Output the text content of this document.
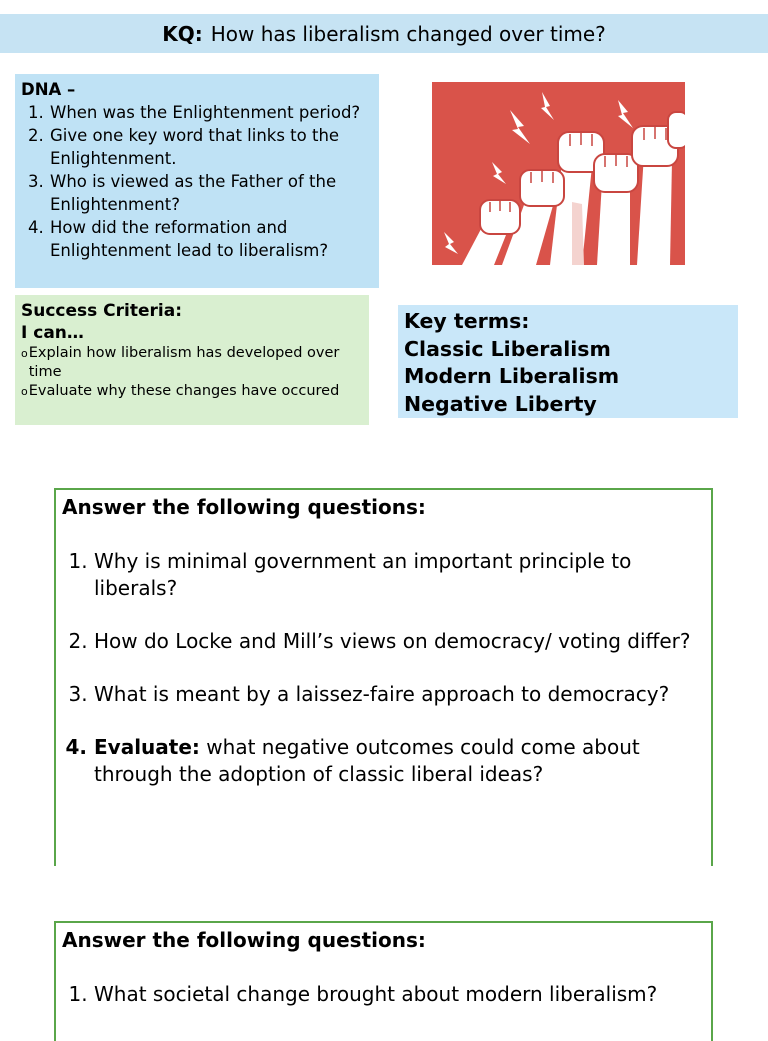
KQ: How has liberalism changed over time?
DNA –
1. When was the Enlightenment period?
2. Give one key word that links to the Enlightenment.
3. Who is viewed as the Father of the Enlightenment?
4. How did the reformation and Enlightenment lead to liberalism?
Success Criteria:
I can…
o Explain how liberalism has developed over time
o Evaluate why these changes have occured
Key terms:
Classic Liberalism
Modern Liberalism
Negative Liberty
Answer the following questions:
1. Why is minimal government an important principle to liberals?
2. How do Locke and Mill’s views on democracy/ voting differ?
3. What is meant by a laissez-faire approach to democracy?
4. Evaluate: what negative outcomes could come about through the adoption of classic liberal ideas?
Answer the following questions:
1. What societal change brought about modern liberalism?
